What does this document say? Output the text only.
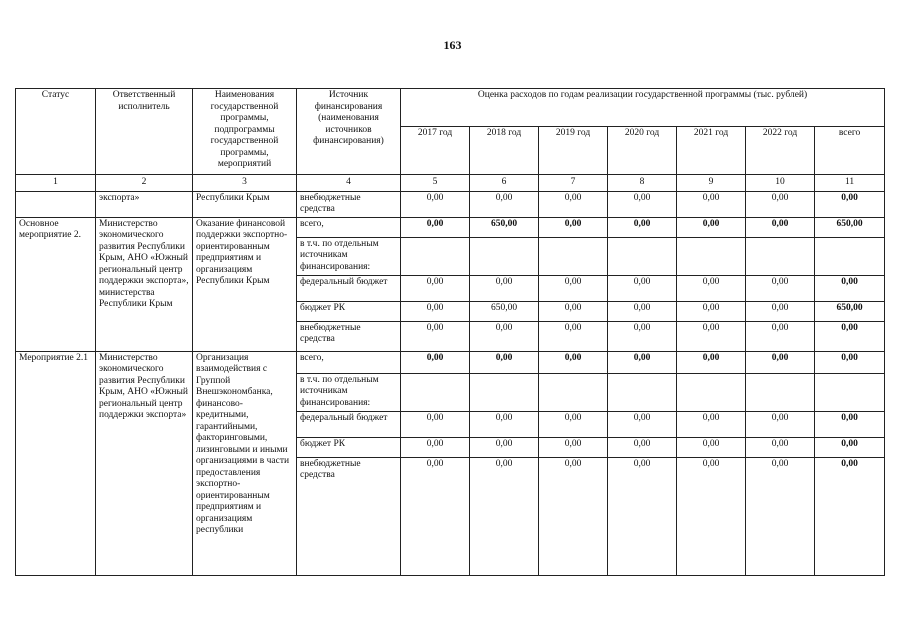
163
Статус	Ответственный исполнитель	Наименования государственной программы, подпрограммы государственной программы, мероприятий	Источник финансирования (наименования источников финансирования)	Оценка расходов по годам реализации государственной программы (тыс. рублей)						
				2017 год	2018 год	2019 год	2020 год	2021 год	2022 год	всего
1	2	3	4	5	6	7	8	9	10	11
	экспорта»	Республики Крым	внебюджетные средства	0,00	0,00	0,00	0,00	0,00	0,00	0,00
Основное мероприятие 2.	Министерство экономического развития Республики Крым, АНО «Южный региональный центр поддержки экспорта», министерства Республики Крым	Оказание финансовой поддержки экспортно-ориентированным предприятиям и организациям Республики Крым	всего,	0,00	650,00	0,00	0,00	0,00	0,00	650,00
			в т.ч. по отдельным источникам финансирования:							
			федеральный бюджет	0,00	0,00	0,00	0,00	0,00	0,00	0,00
			бюджет РК	0,00	650,00	0,00	0,00	0,00	0,00	650,00
			внебюджетные средства	0,00	0,00	0,00	0,00	0,00	0,00	0,00
Мероприятие 2.1	Министерство экономического развития Республики Крым, АНО «Южный региональный центр поддержки экспорта»	Организация взаимодействия с Группой Внешэкономбанка, финансово-кредитными, гарантийными, факторинговыми, лизинговыми и иными организациями в части предоставления экспортно-ориентированным предприятиям и организациям республики	всего,	0,00	0,00	0,00	0,00	0,00	0,00	0,00
			в т.ч. по отдельным источникам финансирования:							
			федеральный бюджет	0,00	0,00	0,00	0,00	0,00	0,00	0,00
			бюджет РК	0,00	0,00	0,00	0,00	0,00	0,00	0,00
			внебюджетные средства	0,00	0,00	0,00	0,00	0,00	0,00	0,00
